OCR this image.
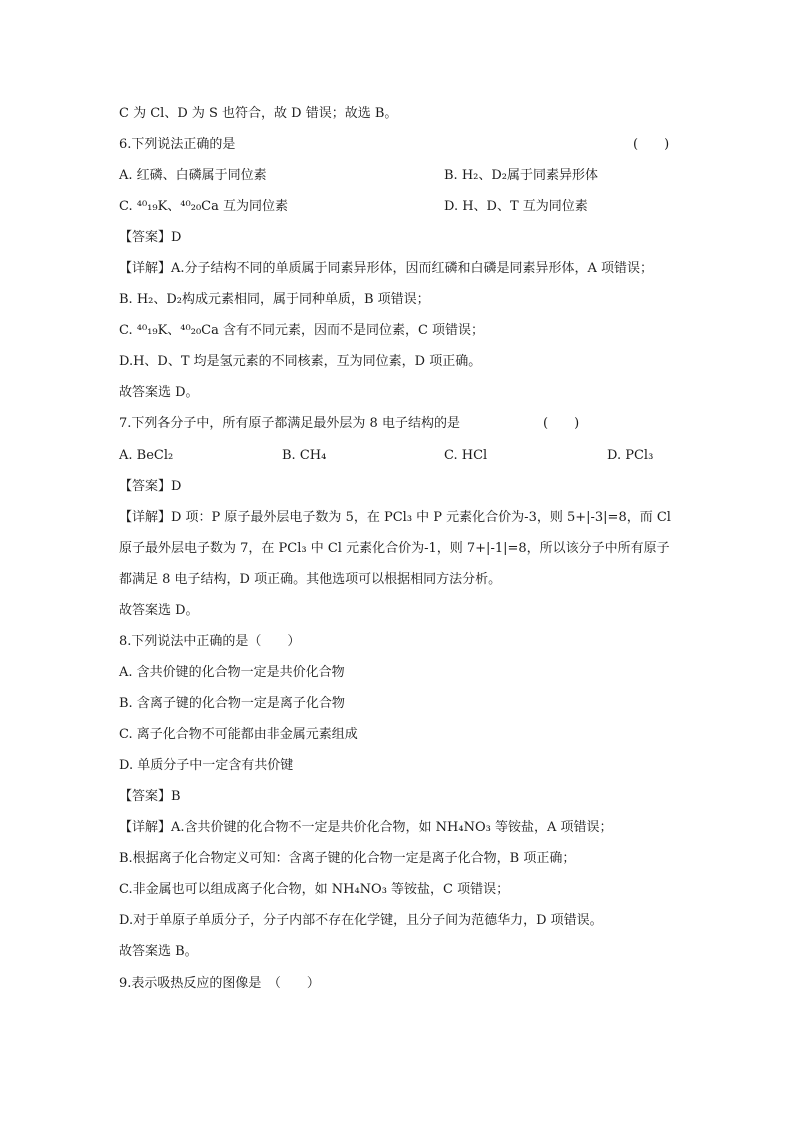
C 为 Cl、D 为 S 也符合，故 D 错误；故选 B。
6.下列说法正确的是	(　　)
A. 红磷、白磷属于同位素	B. H₂、D₂属于同素异形体
C. ⁴⁰₁₉K、⁴⁰₂₀Ca 互为同位素	D. H、D、T 互为同位素
【答案】D
【详解】A.分子结构不同的单质属于同素异形体，因而红磷和白磷是同素异形体，A 项错误；
B. H₂、D₂构成元素相同，属于同种单质，B 项错误；
C. ⁴⁰₁₉K、⁴⁰₂₀Ca 含有不同元素，因而不是同位素，C 项错误；
D.H、D、T 均是氢元素的不同核素，互为同位素，D 项正确。
故答案选 D。
7.下列各分子中，所有原子都满足最外层为 8 电子结构的是	(　　)
A. BeCl₂	B. CH₄	C. HCl	D. PCl₃
【答案】D
【详解】D 项：P 原子最外层电子数为 5，在 PCl₃ 中 P 元素化合价为-3，则 5+|-3|=8，而 Cl
原子最外层电子数为 7，在 PCl₃ 中 Cl 元素化合价为-1，则 7+|-1|=8，所以该分子中所有原子
都满足 8 电子结构，D 项正确。其他选项可以根据相同方法分析。
故答案选 D。
8.下列说法中正确的是（　　）
A. 含共价键的化合物一定是共价化合物
B. 含离子键的化合物一定是离子化合物
C. 离子化合物不可能都由非金属元素组成
D. 单质分子中一定含有共价键
【答案】B
【详解】A.含共价键的化合物不一定是共价化合物，如 NH₄NO₃ 等铵盐，A 项错误；
B.根据离子化合物定义可知：含离子键的化合物一定是离子化合物，B 项正确；
C.非金属也可以组成离子化合物，如 NH₄NO₃ 等铵盐，C 项错误；
D.对于单原子单质分子，分子内部不存在化学键，且分子间为范德华力，D 项错误。
故答案选 B。
9.表示吸热反应的图像是　（　　）
